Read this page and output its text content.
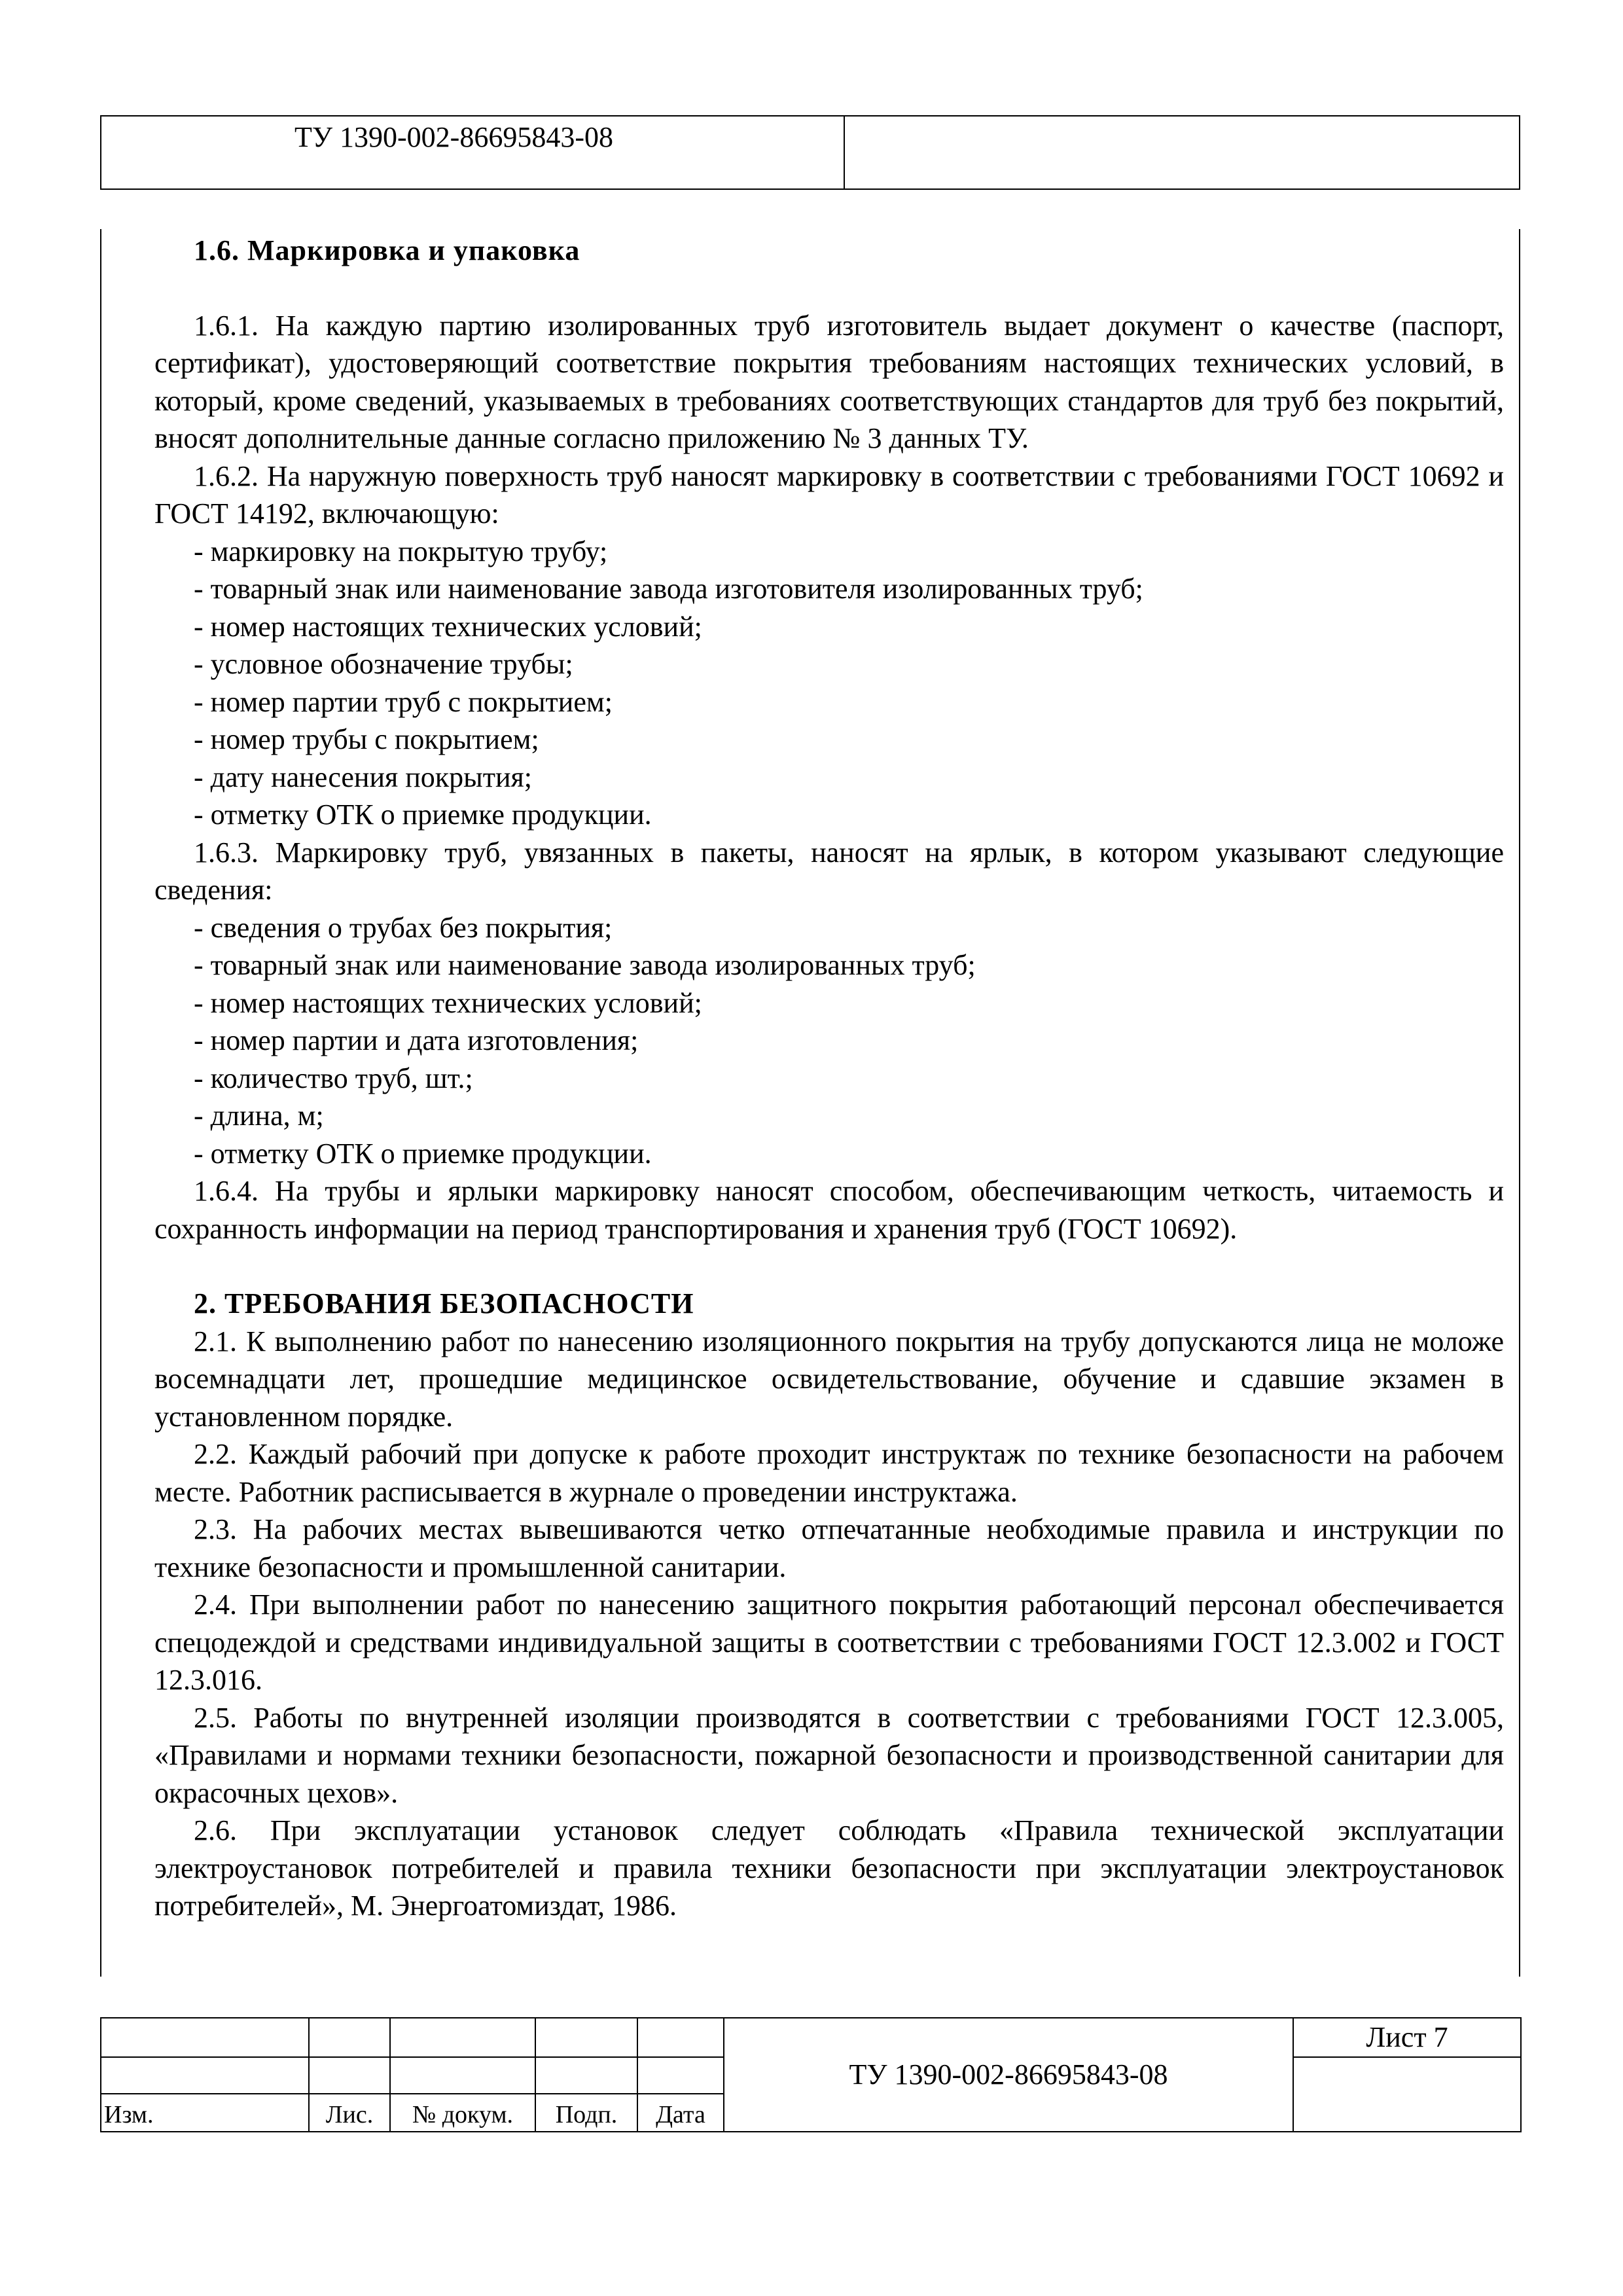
ТУ 1390-002-86695843-08

1.6. Маркировка и упаковка

1.6.1. На каждую партию изолированных труб изготовитель выдает документ о качестве (паспорт, сертификат), удостоверяющий соответствие покрытия требованиям настоящих технических условий, в который, кроме сведений, указываемых в требованиях соответствующих стандартов для труб без покрытий, вносят дополнительные данные согласно приложению № 3 данных ТУ.

1.6.2. На наружную поверхность труб наносят маркировку в соответствии с требованиями ГОСТ 10692 и ГОСТ 14192, включающую:

- маркировку на покрытую трубу;

- товарный знак или наименование завода изготовителя изолированных труб;

- номер настоящих технических условий;

- условное обозначение трубы;

- номер партии труб с покрытием;

- номер трубы с покрытием;

- дату нанесения покрытия;

- отметку ОТК о приемке продукции.

1.6.3. Маркировку труб, увязанных в пакеты, наносят на ярлык, в котором указывают следующие сведения:

- сведения о трубах без покрытия;

- товарный знак или наименование завода изолированных труб;

- номер настоящих технических условий;

- номер партии и дата изготовления;

- количество труб, шт.;

- длина, м;

- отметку ОТК о приемке продукции.

1.6.4. На трубы и ярлыки маркировку наносят способом, обеспечивающим четкость, читаемость и сохранность информации на период транспортирования и хранения труб (ГОСТ 10692).

2. ТРЕБОВАНИЯ БЕЗОПАСНОСТИ

2.1. К выполнению работ по нанесению изоляционного покрытия на трубу допускаются лица не моложе восемнадцати лет, прошедшие медицинское освидетельствование, обучение и сдавшие экзамен в установленном порядке.

2.2. Каждый рабочий при допуске к работе проходит инструктаж по технике безопасности на рабочем месте. Работник расписывается в журнале о проведении инструктажа.

2.3. На рабочих местах вывешиваются четко отпечатанные необходимые правила и инструкции по технике безопасности и промышленной санитарии.

2.4. При выполнении работ по нанесению защитного покрытия работающий персонал обеспечивается спецодеждой и средствами индивидуальной защиты в соответствии с требованиями ГОСТ 12.3.002 и ГОСТ 12.3.016.

2.5. Работы по внутренней изоляции производятся в соответствии с требованиями ГОСТ 12.3.005, «Правилами и нормами техники безопасности, пожарной безопасности и производственной санитарии для окрасочных цехов».

2.6. При эксплуатации установок следует соблюдать «Правила технической эксплуатации электроустановок потребителей и правила техники безопасности при эксплуатации электроустановок потребителей», М. Энергоатомиздат, 1986.

					ТУ 1390-002-86695843-08	Лист 7

Изм.	Лис.	№ докум.	Подп.	Дата		
